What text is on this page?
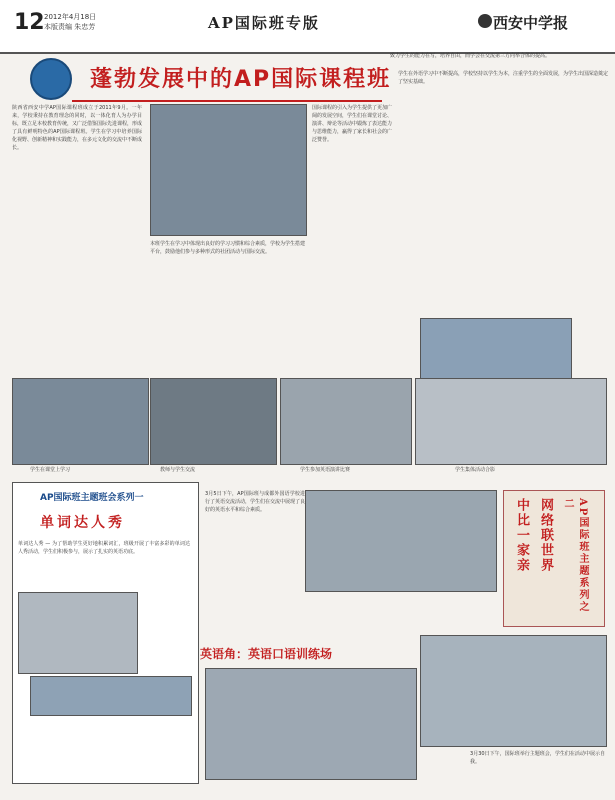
12 2012年4月18日
本版责编 朱忠芳	AP国际班专版	西安中学报
致力学生的能力在写，培养自由，而学会在交流第三方向举合体的提高。
蓬勃发展中的AP国际课程班
陕西省西安中学AP国际课程班成立于2011年9月。一年来，学校秉持在教育理念的同时，以一体化育人为办学目标，既立足本校教育传统，又广泛借鉴国际先进课程，形成了具有鲜明特色的AP国际课程班。学生在学习中培养国际化视野、创新精神和实践能力，在多元文化的交流中不断成长。
本班学生在学习中体现出良好的学习习惯和综合素质，学校为学生搭建平台，鼓励他们参与多种形式的社团活动与国际交流。
国际课程的引入为学生提供了更加广阔的发展空间，学生们在课堂讨论、演讲、辩论等活动中锻炼了表达能力与思维能力，赢得了家长和社会的广泛赞誉。
学生在外语学习中不断提高，学校坚持以学生为本，注重学生的全面发展，为学生出国深造奠定了坚实基础。
学生在课堂上学习	教师与学生交流	学生参加英语演讲比赛	学生集体活动合影
AP国际班主题班会系列一
单词达人秀
单词达人秀 — 为了帮助学生更好地积累词汇，班级开展了丰富多彩的单词达人秀活动，学生们积极参与，展示了扎实的英语功底。
3月5日下午，AP国际班与成都外国语学校进行了英语交流活动，学生们在交流中展现了良好的英语水平和综合素质。
英语角：英语口语训练场
AP国际班主题系列之二
网络联世界
中比一家亲
3月30日下午，国际班举行主题班会，学生们在活动中展示自我。
